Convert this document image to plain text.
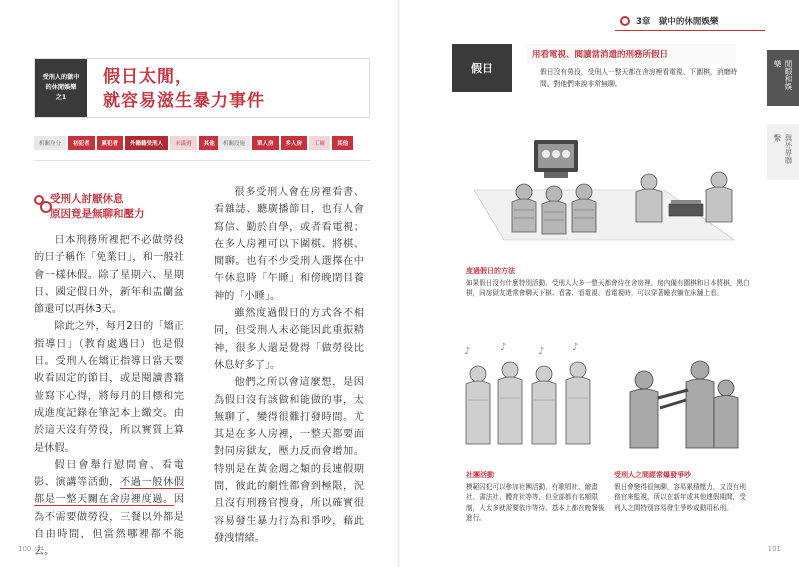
受刑人的獄中
的休閒娛樂
之1
假日太閒，
就容易滋生暴力事件
相關身分	初犯者	累犯者	外籍籍受刑人	未滿週	其他	相關設施	單人房	多人房	工廠	其他
受刑人討厭休息
原因竟是無聊和壓力

日本刑務所裡把不必做勞役的日子稱作「免業日」，和一般社會一樣休假。除了星期六、星期日、國定假日外，新年和盂蘭盆節還可以再休3天。

除此之外，每月2日的「矯正指導日」（教育處遇日）也是假日。受刑人在矯正指導日當天要收看固定的節目，或是閱讀書籍並寫下心得，將每月的目標和完成進度記錄在筆記本上繳交。由於這天沒有勞役，所以實質上算是休假。

假日會舉行慰問會、看電影、演講等活動，不過一般休假都是一整天關在舍房裡度過。因為不需要做勞役，三餐以外都是自由時間，但當然哪裡都不能去。

很多受刑人會在房裡看書、看雜誌、聽廣播節目，也有人會寫信、勤於自學，或者看電視；在多人房裡可以下圍棋、將棋、閒聊。也有不少受刑人選擇在中午休息時「午睡」和傍晚閉目養神的「小睡」。

雖然度過假日的方式各不相同，但受刑人未必能因此重振精神，很多人還是覺得「做勞役比休息好多了」。

他們之所以會這麼想，是因為假日沒有該做和能做的事，太無聊了，變得很難打發時間。尤其是在多人房裡，一整天都要面對同房獄友，壓力反而會增加。特別是在黃金週之類的長連假期間，彼此的劇性都會到極限，況且沒有刑務官搜身，所以確實很容易發生暴力行為和爭吵，藉此發洩情緒。

100
3章　獄中的休閒娛樂
閒暇和娛樂
與外界聯繫
假日
用看電視、閱讀當消遣的刑務所假日
假日沒有勞役，受刑人一整天都在舍房裡看電視、下圍棋，消磨時間。對他們來說非常無聊。
度過假日的方法
如果假日沒有什麼特別活動，受刑人大多一整天都會待在舍房裡。房內備有圍棋和日本將棋，黑白棋，同房獄友還常會聊天下棋、看書、看電視、看電視時，可以穿著睡衣躺在床舖上看。
♪	♪	♪	♪
社團活動
模範囚犯可以參加社團活動，有歌唱社、繪畫社、書法社、體育社等等，但全部都有名額限制，人太多就需要依序等待。基本上都在晚餐後進行。
受刑人之間經常爆發爭吵
假日會變得很無聊，容易累積壓力，又沒有刑務官來監視，所以在新年或其他連假期間，受刑人之間特別容易發生爭吵或動用私刑。
101
